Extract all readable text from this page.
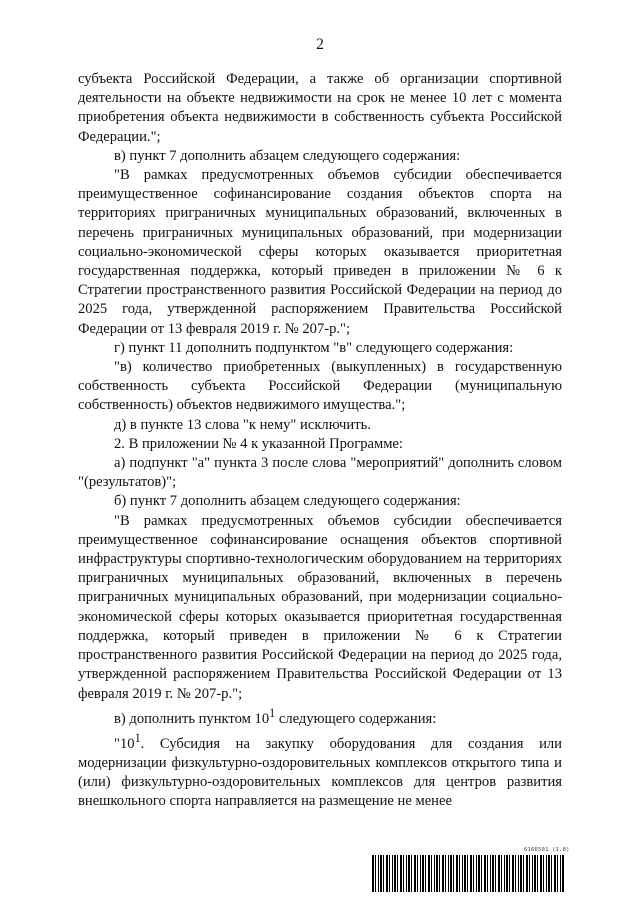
2

субъекта Российской Федерации, а также об организации спортивной деятельности на объекте недвижимости на срок не менее 10 лет с момента приобретения объекта недвижимости в собственность субъекта Российской Федерации.";

в) пункт 7 дополнить абзацем следующего содержания:

"В рамках предусмотренных объемов субсидии обеспечивается преимущественное софинансирование создания объектов спорта на территориях приграничных муниципальных образований, включенных в перечень приграничных муниципальных образований, при модернизации социально-экономической сферы которых оказывается приоритетная государственная поддержка, который приведен в приложении № 6 к Стратегии пространственного развития Российской Федерации на период до 2025 года, утвержденной распоряжением Правительства Российской Федерации от 13 февраля 2019 г. № 207-р.";

г) пункт 11 дополнить подпунктом "в" следующего содержания:

"в) количество приобретенных (выкупленных) в государственную собственность субъекта Российской Федерации (муниципальную собственность) объектов недвижимого имущества.";

д) в пункте 13 слова "к нему" исключить.

2. В приложении № 4 к указанной Программе:

а) подпункт "а" пункта 3 после слова "мероприятий" дополнить словом "(результатов)";

б) пункт 7 дополнить абзацем следующего содержания:

"В рамках предусмотренных объемов субсидии обеспечивается преимущественное софинансирование оснащения объектов спортивной инфраструктуры спортивно-технологическим оборудованием на территориях приграничных муниципальных образований, включенных в перечень приграничных муниципальных образований, при модернизации социально-экономической сферы которых оказывается приоритетная государственная поддержка, который приведен в приложении № 6 к Стратегии пространственного развития Российской Федерации на период до 2025 года, утвержденной распоряжением Правительства Российской Федерации от 13 февраля 2019 г. № 207-р.";

в) дополнить пунктом $10^1$ следующего содержания:

"$10^1$. Субсидия на закупку оборудования для создания или модернизации физкультурно-оздоровительных комплексов открытого типа и (или) физкультурно-оздоровительных комплексов для центров развития внешкольного спорта направляется на размещение не менее

6166501 (1.8)
